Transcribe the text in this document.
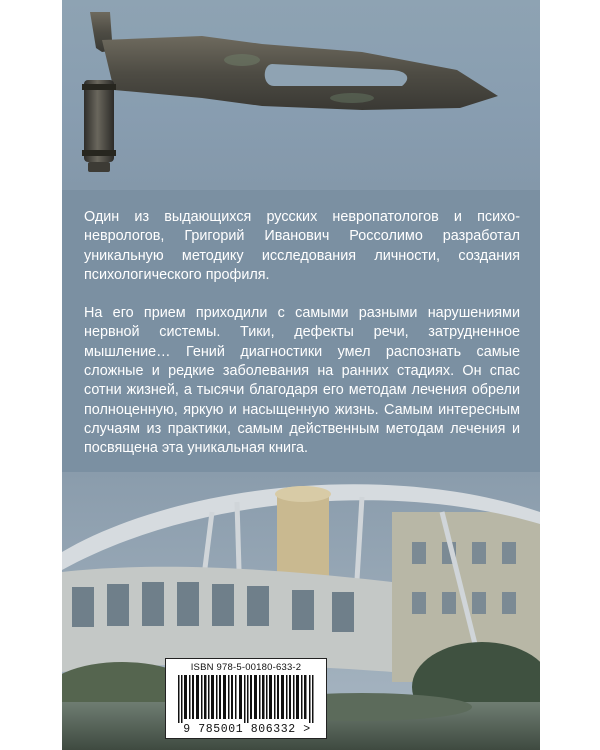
Один из выдающихся русских невропатологов и психоневрологов, Григорий Иванович Россолимо разработал уникальную методику исследования личности, создания психологического профиля.

На его прием приходили с самыми разными нарушениями нервной системы. Тики, дефекты речи, затрудненное мышление… Гений диагностики умел распознать самые сложные и редкие заболевания на ранних стадиях. Он спас сотни жизней, а тысячи благодаря его методам лечения обрели полноценную, яркую и насыщенную жизнь. Самым интересным случаям из практики, самым действенным методам лечения и посвящена эта уникальная книга.

ISBN 978-5-00180-633-2
9 785001 806332 >
